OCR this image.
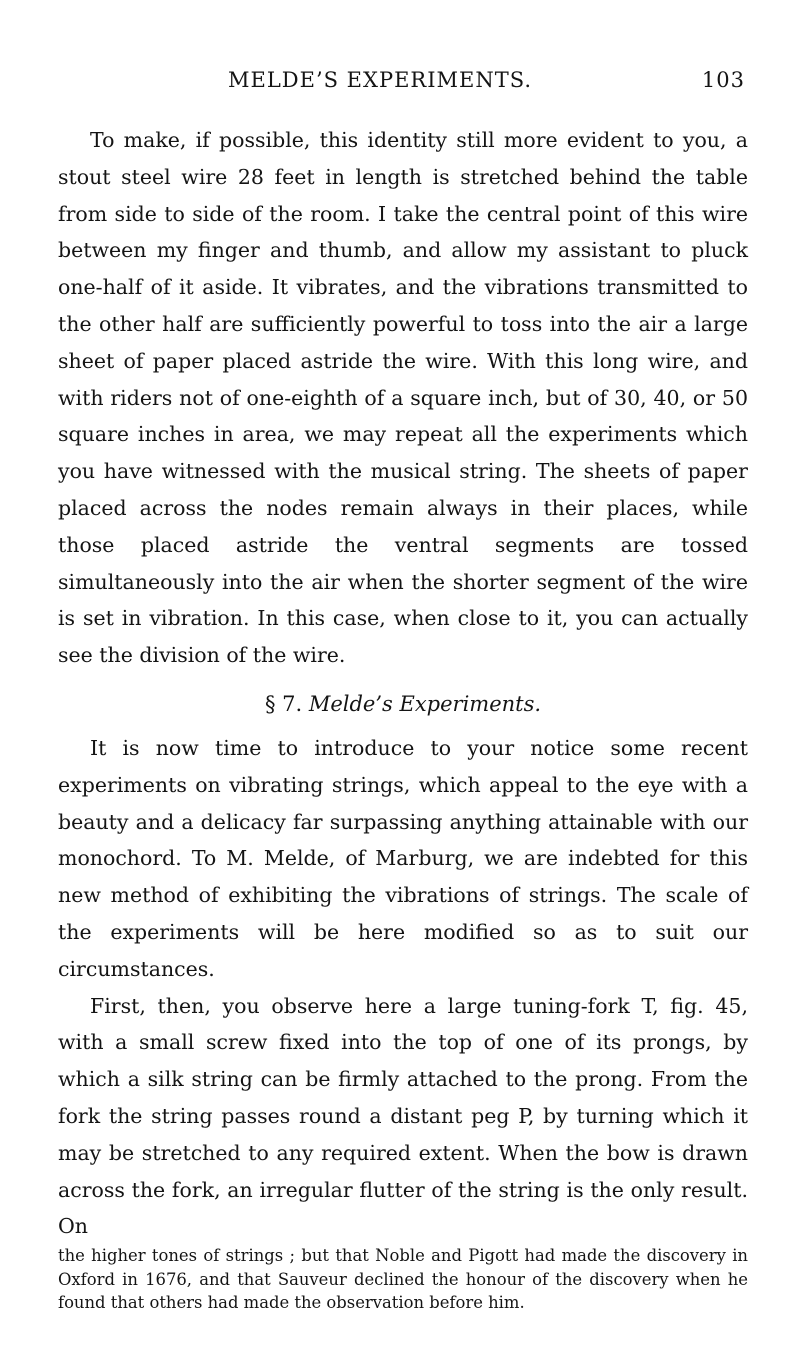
MELDE’S EXPERIMENTS.	103

To make, if possible, this identity still more evident to you, a stout steel wire 28 feet in length is stretched behind the table from side to side of the room. I take the central point of this wire between my finger and thumb, and allow my assistant to pluck one-half of it aside. It vibrates, and the vibrations transmitted to the other half are sufficiently powerful to toss into the air a large sheet of paper placed astride the wire. With this long wire, and with riders not of one-eighth of a square inch, but of 30, 40, or 50 square inches in area, we may repeat all the experiments which you have witnessed with the musical string. The sheets of paper placed across the nodes remain always in their places, while those placed astride the ventral segments are tossed simultaneously into the air when the shorter segment of the wire is set in vibration. In this case, when close to it, you can actually see the division of the wire.

§ 7. Melde’s Experiments.

It is now time to introduce to your notice some recent experiments on vibrating strings, which appeal to the eye with a beauty and a delicacy far surpassing anything attainable with our monochord. To M. Melde, of Marburg, we are indebted for this new method of exhibiting the vibrations of strings. The scale of the experiments will be here modified so as to suit our circumstances.

First, then, you observe here a large tuning-fork T, fig. 45, with a small screw fixed into the top of one of its prongs, by which a silk string can be firmly attached to the prong. From the fork the string passes round a distant peg P, by turning which it may be stretched to any required extent. When the bow is drawn across the fork, an irregular flutter of the string is the only result. On

the higher tones of strings ; but that Noble and Pigott had made the discovery in Oxford in 1676, and that Sauveur declined the honour of the discovery when he found that others had made the observation before him.
